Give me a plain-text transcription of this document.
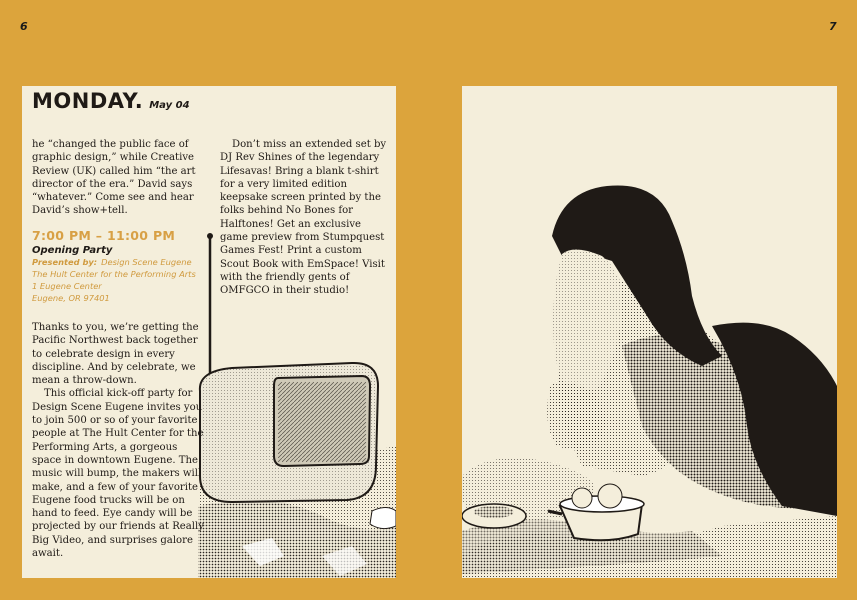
6	7
MONDAY. May 04

he “changed the public face of graphic design,” while Creative Review (UK) called him “the art director of the era.” David says “whatever.” Come see and hear David’s show+tell.

7:00 PM – 11:00 PM
Opening Party
Presented by: Design Scene Eugene
The Hult Center for the Performing Arts
1 Eugene Center
Eugene, OR 97401

Thanks to you, we’re getting the Pacific Northwest back together to celebrate design in every discipline. And by celebrate, we mean a throw-down.

This official kick-off party for Design Scene Eugene invites you to join 500 or so of your favorite people at The Hult Center for the Performing Arts, a gorgeous space in downtown Eugene. The music will bump, the makers will make, and a few of your favorite Eugene food trucks will be on hand to feed. Eye candy will be projected by our friends at Really Big Video, and surprises galore await.

Don’t miss an extended set by DJ Rev Shines of the legendary Lifesavas! Bring a blank t-shirt for a very limited edition keepsake screen printed by the folks behind No Bones for Halftones! Get an exclusive game preview from Stumpquest Games Fest! Print a custom Scout Book with EmSpace! Visit with the friendly gents of OMFGCO in their studio!
